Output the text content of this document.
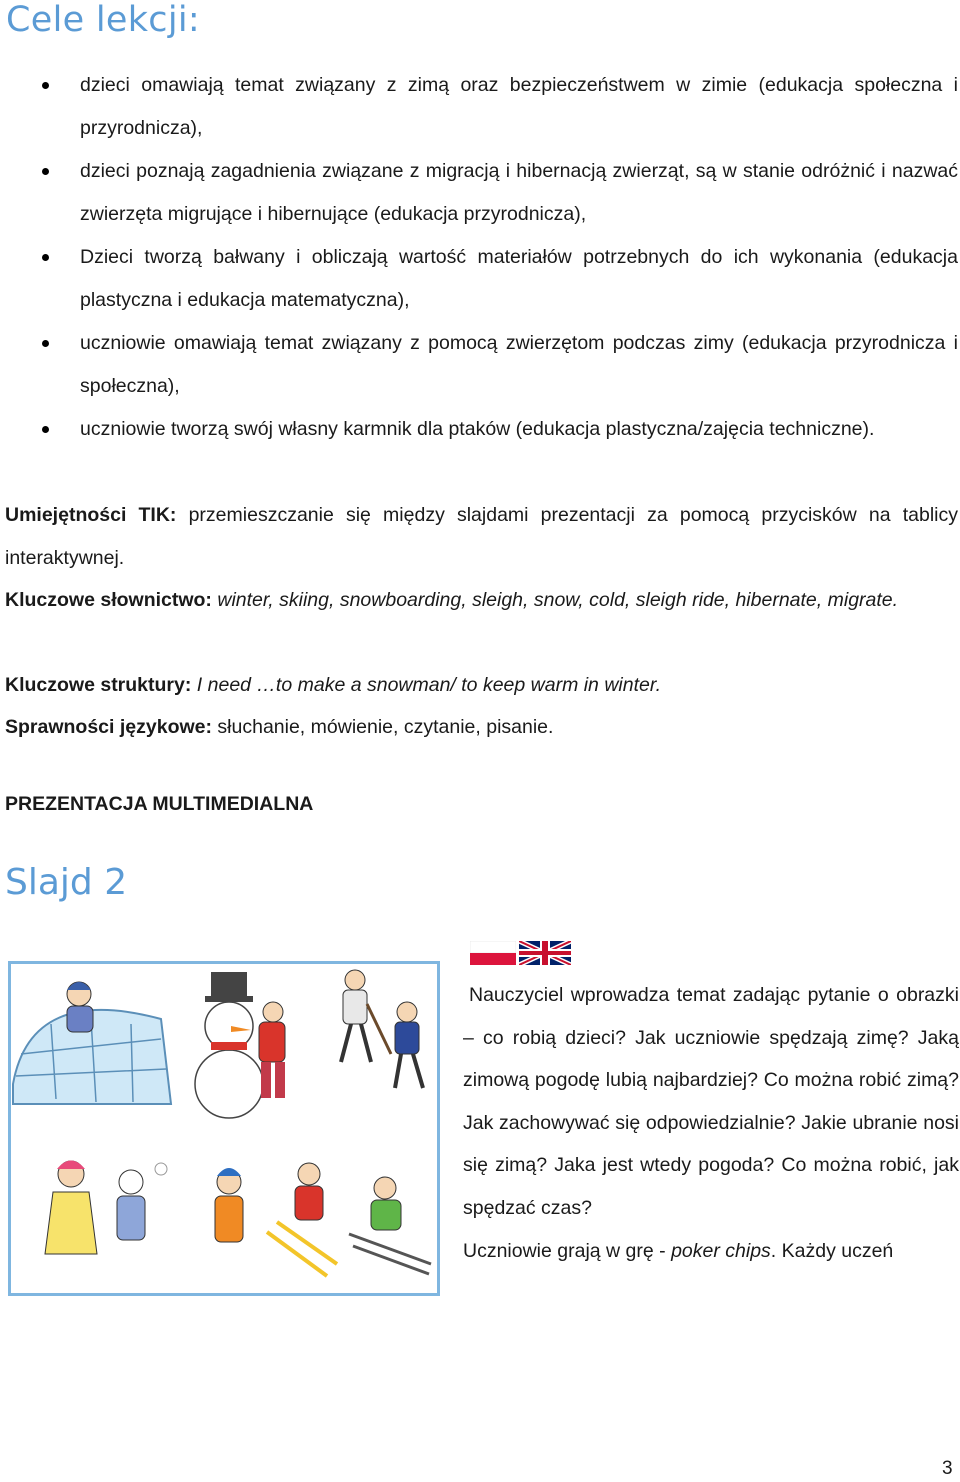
Cele lekcji:
dzieci omawiają temat związany z zimą oraz bezpieczeństwem w zimie (edukacja społeczna i przyrodnicza),
dzieci poznają zagadnienia związane z migracją i hibernacją zwierząt, są w stanie odróżnić i nazwać zwierzęta migrujące i hibernujące (edukacja przyrodnicza),
Dzieci tworzą bałwany i obliczają wartość materiałów potrzebnych do ich wykonania (edukacja plastyczna i edukacja matematyczna),
uczniowie omawiają temat związany z pomocą zwierzętom podczas zimy (edukacja przyrodnicza i społeczna),
uczniowie tworzą swój własny karmnik dla ptaków (edukacja plastyczna/zajęcia techniczne).

Umiejętności TIK: przemieszczanie się między slajdami prezentacji za pomocą przycisków na tablicy interaktywnej.

Kluczowe słownictwo: winter, skiing, snowboarding, sleigh, snow, cold, sleigh ride, hibernate, migrate.

Kluczowe struktury: I need …to make a snowman/ to keep warm in winter.

Sprawności językowe: słuchanie, mówienie, czytanie, pisanie.

PREZENTACJA MULTIMEDIALNA
Slajd 2

Nauczyciel wprowadza temat zadając pytanie o obrazki – co robią dzieci? Jak uczniowie spędzają zimę? Jaką zimową pogodę lubią najbardziej? Co można robić zimą? Jak zachowywać się odpowiedzialnie? Jakie ubranie nosi się zimą? Jaka jest wtedy pogoda? Co można robić, jak spędzać czas?

Uczniowie grają w grę - poker chips. Każdy uczeń

3
